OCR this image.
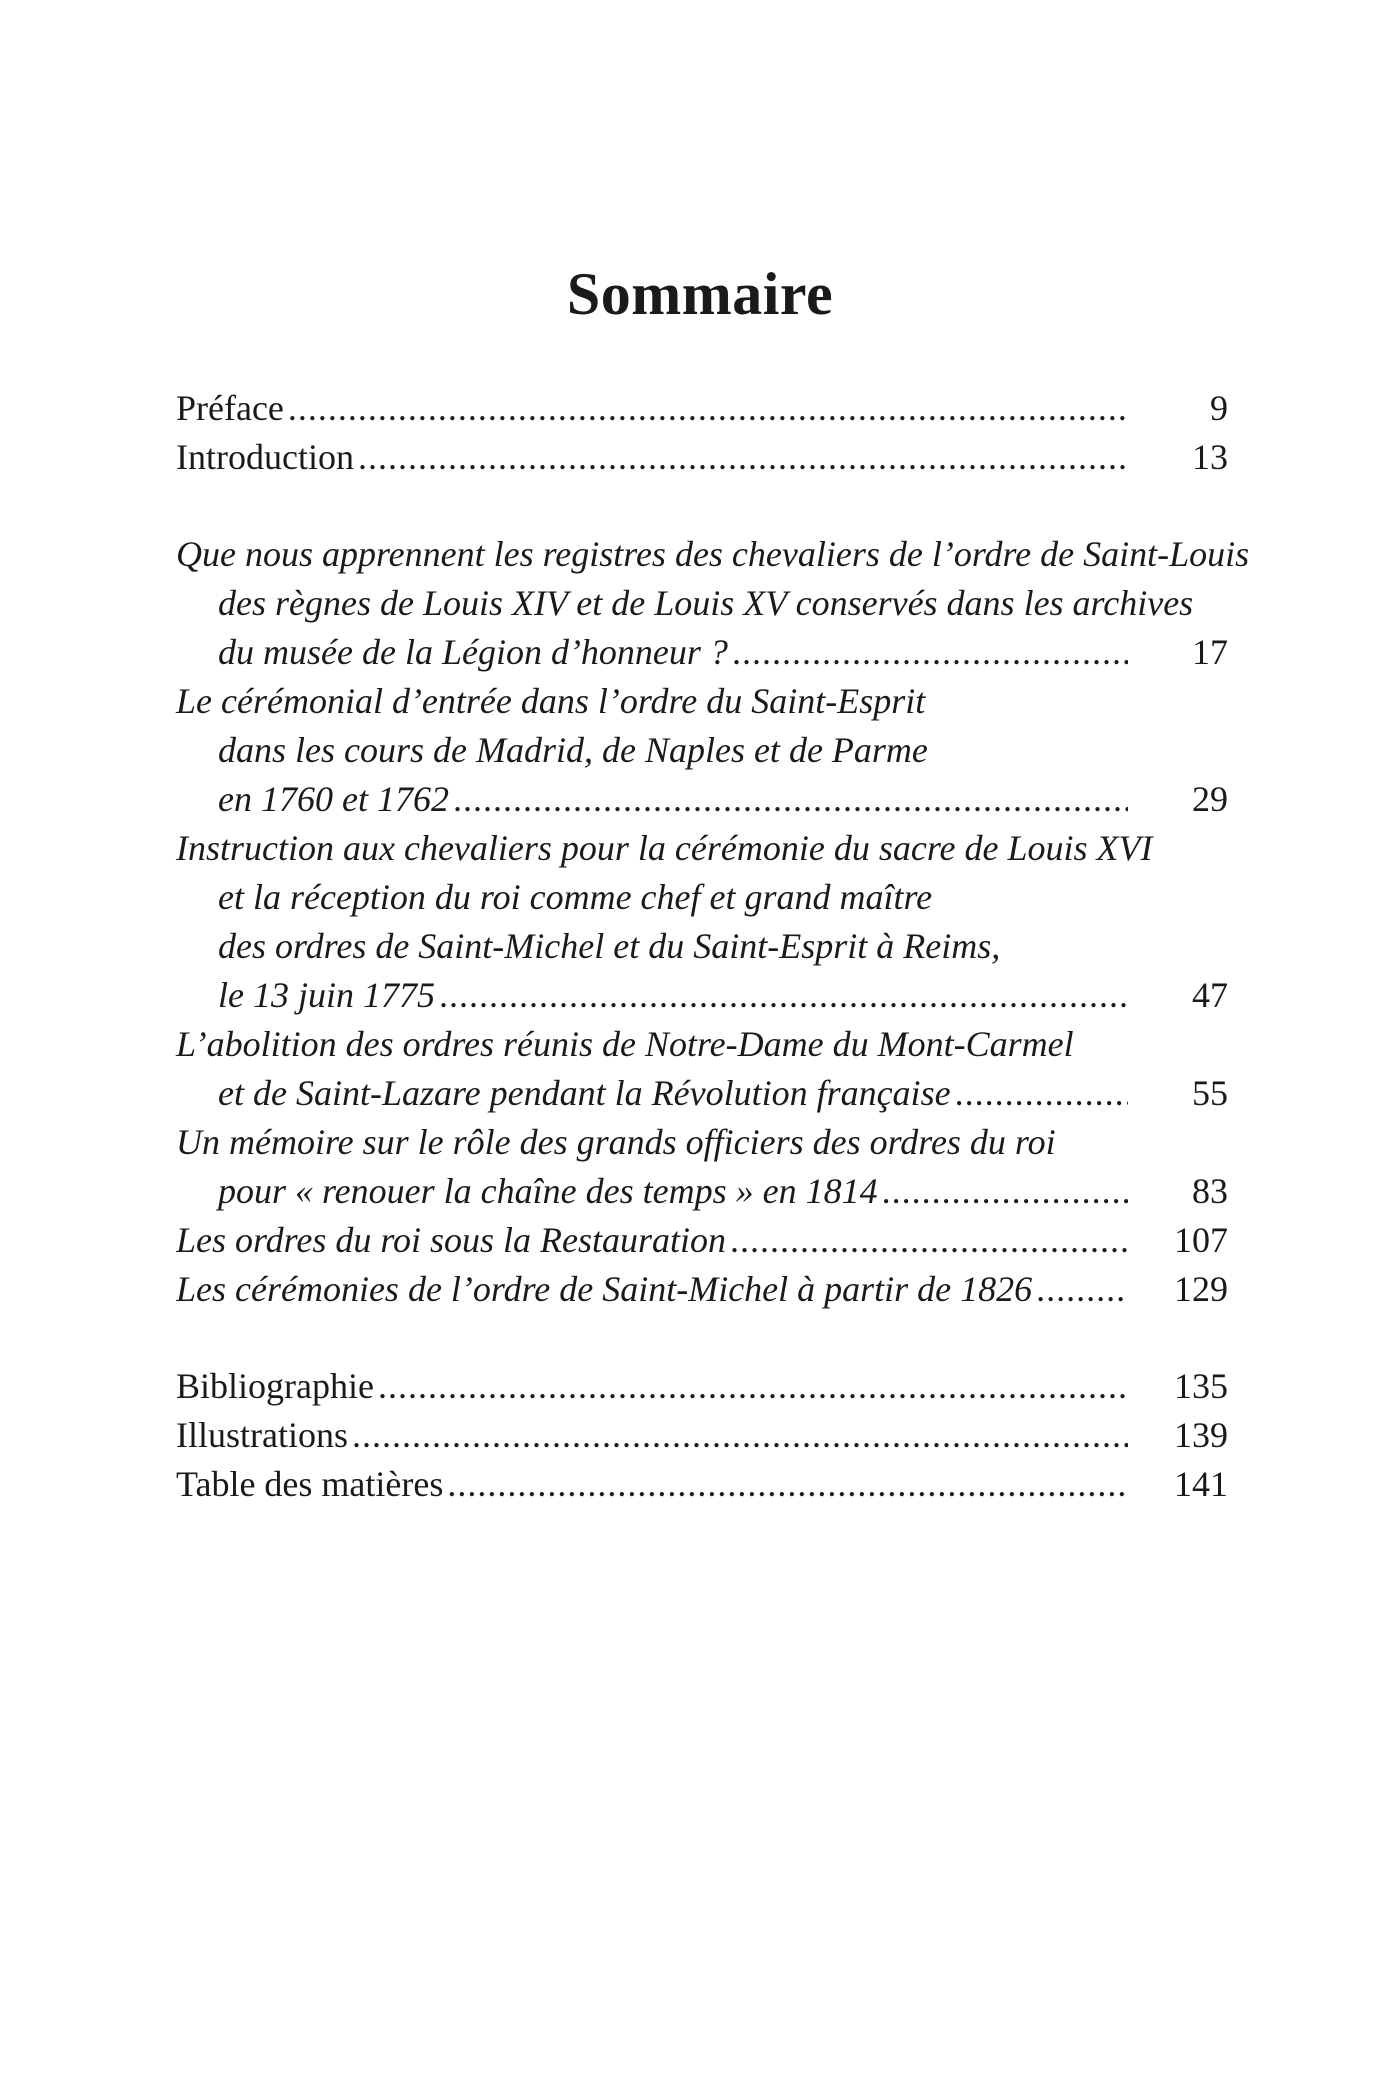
Sommaire
Préface .....	9
Introduction .....	13
Que nous apprennent les registres des chevaliers de l’ordre de Saint-Louis
des règnes de Louis XIV et de Louis XV conservés dans les archives
du musée de la Légion d’honneur ? .....	17
Le cérémonial d’entrée dans l’ordre du Saint-Esprit
dans les cours de Madrid, de Naples et de Parme
en 1760 et 1762 .....	29
Instruction aux chevaliers pour la cérémonie du sacre de Louis XVI
et la réception du roi comme chef et grand maître
des ordres de Saint-Michel et du Saint-Esprit à Reims,
le 13 juin 1775 .....	47
L’abolition des ordres réunis de Notre-Dame du Mont-Carmel
et de Saint-Lazare pendant la Révolution française .....	55
Un mémoire sur le rôle des grands officiers des ordres du roi
pour « renouer la chaîne des temps » en 1814 .....	83
Les ordres du roi sous la Restauration .....	107
Les cérémonies de l’ordre de Saint-Michel à partir de 1826 .....	129
Bibliographie .....	135
Illustrations .....	139
Table des matières .....	141
